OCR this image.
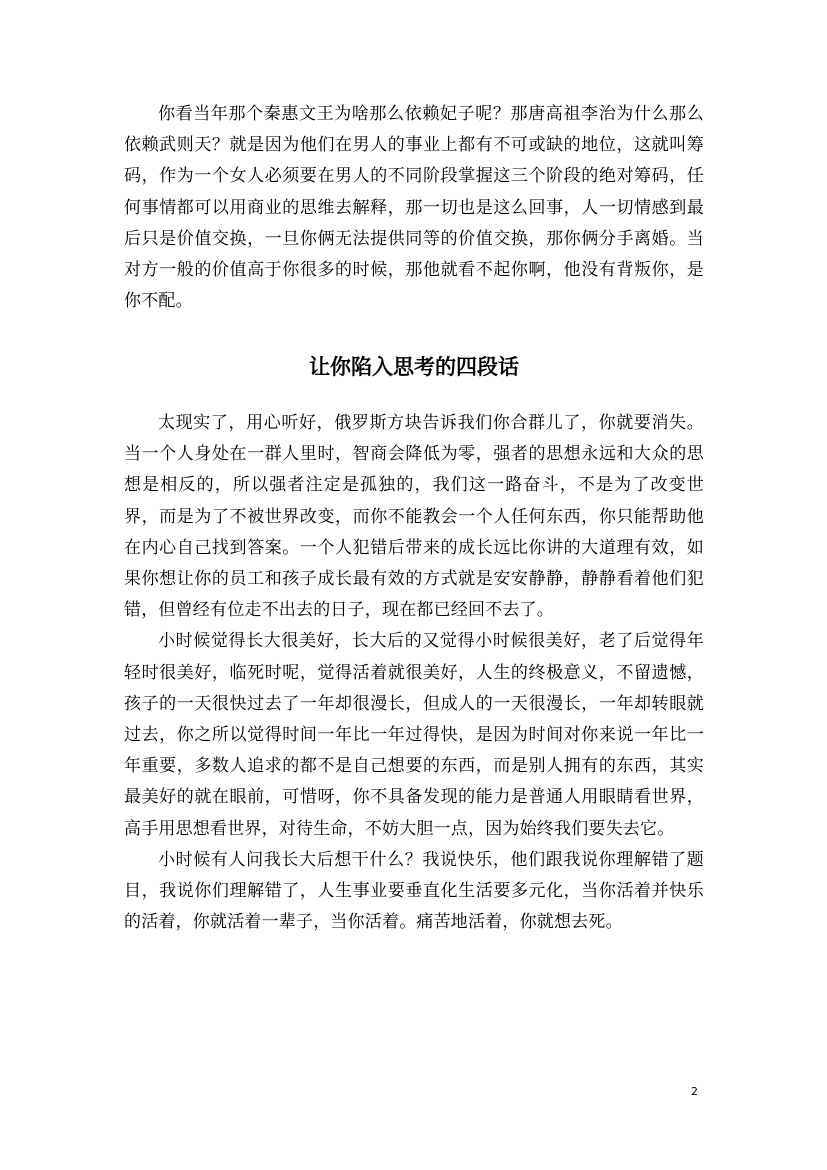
你看当年那个秦惠文王为啥那么依赖妃子呢？那唐高祖李治为什么那么依赖武则天？就是因为他们在男人的事业上都有不可或缺的地位，这就叫筹码，作为一个女人必须要在男人的不同阶段掌握这三个阶段的绝对筹码，任何事情都可以用商业的思维去解释，那一切也是这么回事，人一切情感到最后只是价值交换，一旦你俩无法提供同等的价值交换，那你俩分手离婚。当对方一般的价值高于你很多的时候，那他就看不起你啊，他没有背叛你，是你不配。

让你陷入思考的四段话

太现实了，用心听好，俄罗斯方块告诉我们你合群儿了，你就要消失。当一个人身处在一群人里时，智商会降低为零，强者的思想永远和大众的思想是相反的，所以强者注定是孤独的，我们这一路奋斗，不是为了改变世界，而是为了不被世界改变，而你不能教会一个人任何东西，你只能帮助他在内心自己找到答案。一个人犯错后带来的成长远比你讲的大道理有效，如果你想让你的员工和孩子成长最有效的方式就是安安静静，静静看着他们犯错，但曾经有位走不出去的日子，现在都已经回不去了。

小时候觉得长大很美好，长大后的又觉得小时候很美好，老了后觉得年轻时很美好，临死时呢，觉得活着就很美好，人生的终极意义，不留遗憾，孩子的一天很快过去了一年却很漫长，但成人的一天很漫长，一年却转眼就过去，你之所以觉得时间一年比一年过得快，是因为时间对你来说一年比一年重要，多数人追求的都不是自己想要的东西，而是别人拥有的东西，其实最美好的就在眼前，可惜呀，你不具备发现的能力是普通人用眼睛看世界，高手用思想看世界，对待生命，不妨大胆一点，因为始终我们要失去它。

小时候有人问我长大后想干什么？我说快乐，他们跟我说你理解错了题目，我说你们理解错了，人生事业要垂直化生活要多元化，当你活着并快乐的活着，你就活着一辈子，当你活着。痛苦地活着，你就想去死。

2
